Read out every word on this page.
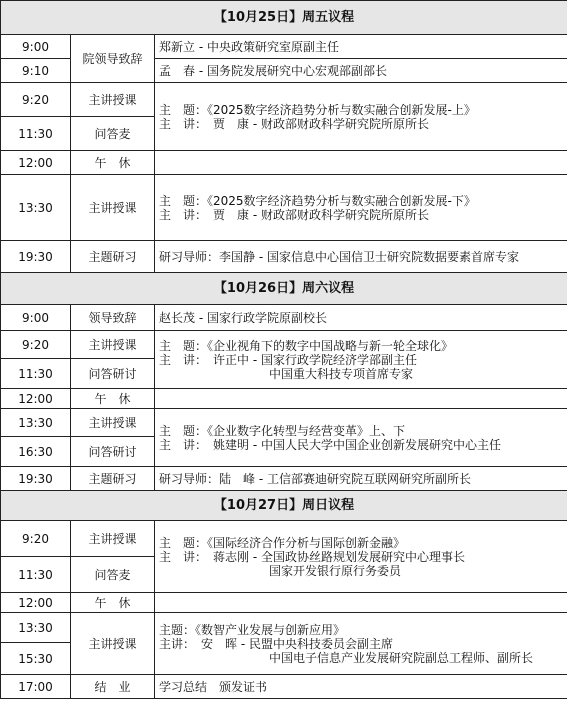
【10月25日】周五议程		
9:00	院领导致辞	郑新立 - 中央政策研究室原副主任
9:10		孟　春 - 国务院发展研究中心宏观部副部长
9:20	主讲授课	主　题：《2025数字经济趋势分析与数实融合创新发展-上》
主　讲：　贾　康 - 财政部财政科学研究院所原所长

11:30	问答麦	
12:00	午　休	
13:30	主讲授课	主　题：《2025数字经济趋势分析与数实融合创新发展-下》
主　讲：　贾　康 - 财政部财政科学研究院所原所长

19:30	主题研习	研习导师：李国静 - 国家信息中心国信卫士研究院数据要素首席专家
【10月26日】周六议程		
9:00	领导致辞	赵长茂 - 国家行政学院原副校长
9:20	主讲授课	主　题：《企业视角下的数字中国战略与新一轮全球化》
主　讲：　许正中 - 国家行政学院经济学部副主任
中国重大科技专项首席专家

11:30	问答研讨	
12:00	午　休	
13:30	主讲授课	主　题：《企业数字化转型与经营变革》上、下
主　讲：　姚建明 - 中国人民大学中国企业创新发展研究中心主任

16:30	问答研讨	
19:30	主题研习	研习导师：陆　峰 - 工信部赛迪研究院互联网研究所副所长
【10月27日】周日议程		
9:20	主讲授课	主　题：《国际经济合作分析与国际创新金融》
主　讲：　蒋志刚 - 全国政协丝路规划发展研究中心理事长
国家开发银行原行务委员

11:30	问答麦	
12:00	午　休	
13:30	主讲授课	主题：《数智产业发展与创新应用》
主讲：　安　晖 - 民盟中央科技委员会副主席
中国电子信息产业发展研究院副总工程师、副所长

15:30		
17:00	结　业	学习总结　颁发证书
